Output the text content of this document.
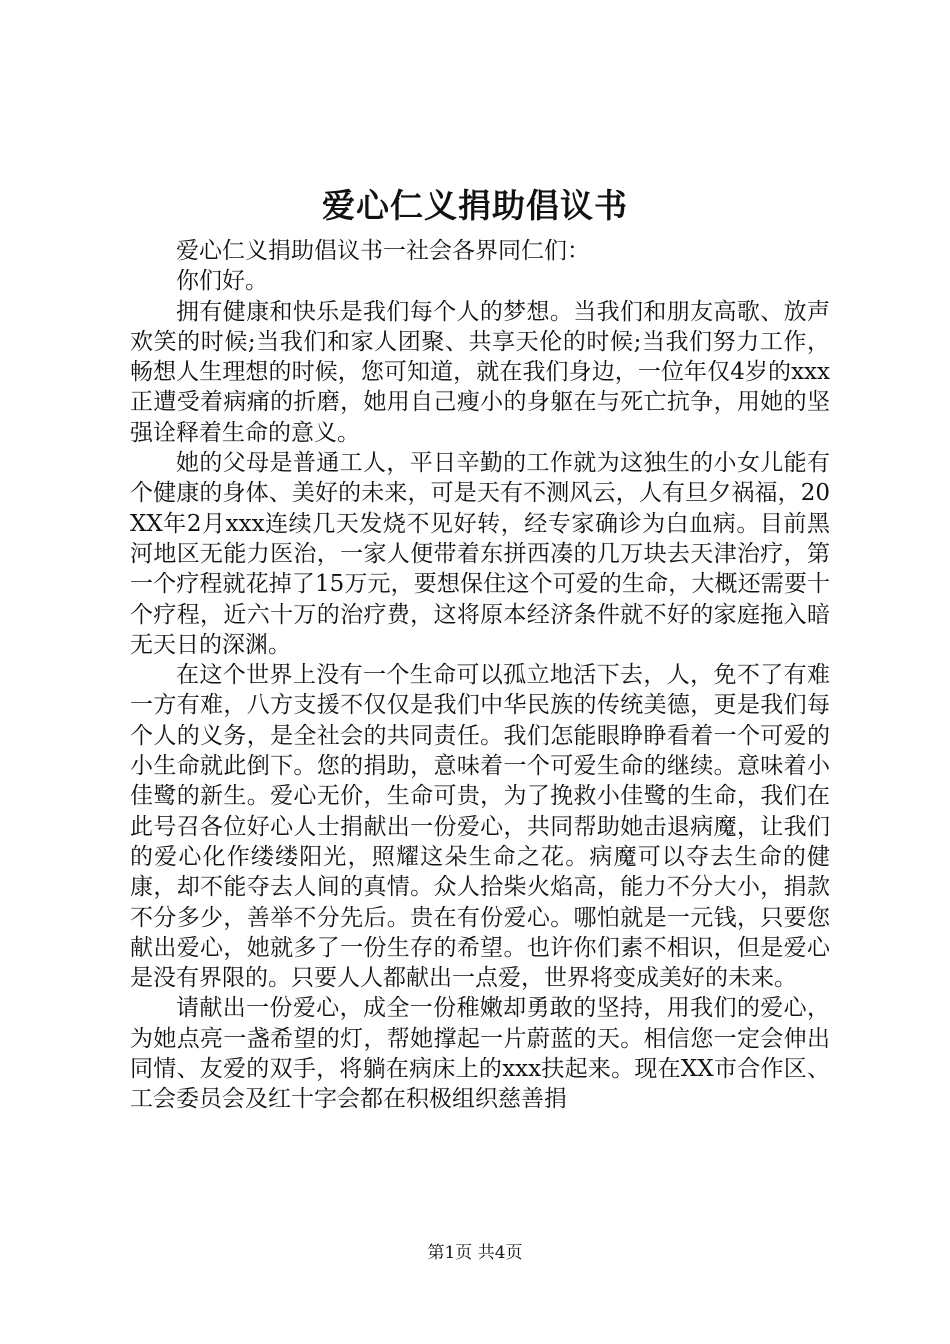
爱心仁义捐助倡议书

爱心仁义捐助倡议书一社会各界同仁们：

你们好。

拥有健康和快乐是我们每个人的梦想。当我们和朋友高歌、放声欢笑的时候;当我们和家人团聚、共享天伦的时候;当我们努力工作，畅想人生理想的时候，您可知道，就在我们身边，一位年仅4岁的xxx正遭受着病痛的折磨，她用自己瘦小的身躯在与死亡抗争，用她的坚强诠释着生命的意义。

她的父母是普通工人，平日辛勤的工作就为这独生的小女儿能有个健康的身体、美好的未来，可是天有不测风云，人有旦夕祸福，20XX年2月xxx连续几天发烧不见好转，经专家确诊为白血病。目前黑河地区无能力医治，一家人便带着东拼西凑的几万块去天津治疗，第一个疗程就花掉了15万元，要想保住这个可爱的生命，大概还需要十个疗程，近六十万的治疗费，这将原本经济条件就不好的家庭拖入暗无天日的深渊。

在这个世界上没有一个生命可以孤立地活下去，人，免不了有难一方有难，八方支援不仅仅是我们中华民族的传统美德，更是我们每个人的义务，是全社会的共同责任。我们怎能眼睁睁看着一个可爱的小生命就此倒下。您的捐助，意味着一个可爱生命的继续。意味着小佳鹭的新生。爱心无价，生命可贵，为了挽救小佳鹭的生命，我们在此号召各位好心人士捐献出一份爱心，共同帮助她击退病魔，让我们的爱心化作缕缕阳光，照耀这朵生命之花。病魔可以夺去生命的健康，却不能夺去人间的真情。众人拾柴火焰高，能力不分大小，捐款不分多少，善举不分先后。贵在有份爱心。哪怕就是一元钱，只要您献出爱心，她就多了一份生存的希望。也许你们素不相识，但是爱心是没有界限的。只要人人都献出一点爱，世界将变成美好的未来。

请献出一份爱心，成全一份稚嫩却勇敢的坚持，用我们的爱心，为她点亮一盏希望的灯，帮她撑起一片蔚蓝的天。相信您一定会伸出同情、友爱的双手，将躺在病床上的xxx扶起来。现在XX市合作区、工会委员会及红十字会都在积极组织慈善捐

第1页 共4页
